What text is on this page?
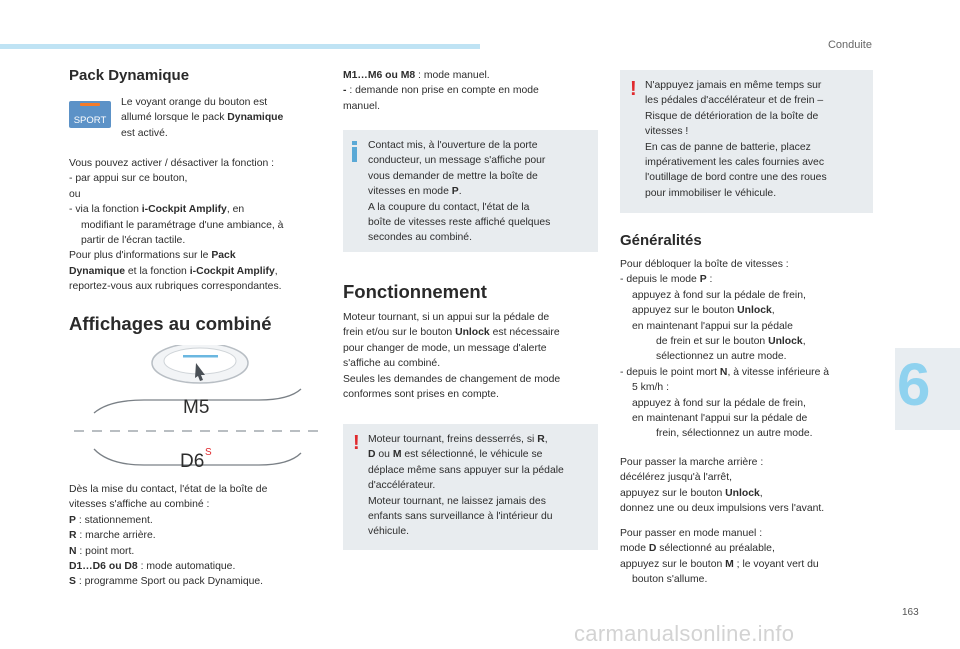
Conduite
6
163
carmanualsonline.info
Pack Dynamique
SPORT

Le voyant orange du bouton est

allumé lorsque le pack Dynamique

est activé.

Vous pouvez activer / désactiver la fonction :

- par appui sur ce bouton,

ou

- via la fonction i-Cockpit Amplify, en

modifiant le paramétrage d'une ambiance, à

partir de l'écran tactile.

Pour plus d'informations sur le Pack

Dynamique et la fonction i-Cockpit Amplify,

reportez-vous aux rubriques correspondantes.

Affichages au combiné
M5
D6 S

Dès la mise du contact, l'état de la boîte de

vitesses s'affiche au combiné :

P : stationnement.

R : marche arrière.

N : point mort.

D1…D6 ou D8 : mode automatique.

S : programme Sport ou pack Dynamique.

M1…M6 ou M8 : mode manuel.

- : demande non prise en compte en mode

manuel.

Contact mis, à l'ouverture de la porte

conducteur, un message s'affiche pour

vous demander de mettre la boîte de

vitesses en mode P.

A la coupure du contact, l'état de la

boîte de vitesses reste affiché quelques

secondes au combiné.

Fonctionnement

Moteur tournant, si un appui sur la pédale de

frein et/ou sur le bouton Unlock est nécessaire

pour changer de mode, un message d'alerte

s'affiche au combiné.

Seules les demandes de changement de mode

conformes sont prises en compte.

! Moteur tournant, freins desserrés, si R,

D ou M est sélectionné, le véhicule se

déplace même sans appuyer sur la pédale

d'accélérateur.

Moteur tournant, ne laissez jamais des

enfants sans surveillance à l'intérieur du

véhicule.

! N'appuyez jamais en même temps sur

les pédales d'accélérateur et de frein –

Risque de détérioration de la boîte de

vitesses !

En cas de panne de batterie, placez

impérativement les cales fournies avec

l'outillage de bord contre une des roues

pour immobiliser le véhicule.

Généralités

Pour débloquer la boîte de vitesses :

- depuis le mode P :

appuyez à fond sur la pédale de frein,

appuyez sur le bouton Unlock,

en maintenant l'appui sur la pédale

de frein et sur le bouton Unlock,

sélectionnez un autre mode.

- depuis le point mort N, à vitesse inférieure à

5 km/h :

appuyez à fond sur la pédale de frein,

en maintenant l'appui sur la pédale de

frein, sélectionnez un autre mode.

Pour passer la marche arrière :

décélérez jusqu'à l'arrêt,

appuyez sur le bouton Unlock,

donnez une ou deux impulsions vers l'avant.

Pour passer en mode manuel :

mode D sélectionné au préalable,

appuyez sur le bouton M ; le voyant vert du

bouton s'allume.
